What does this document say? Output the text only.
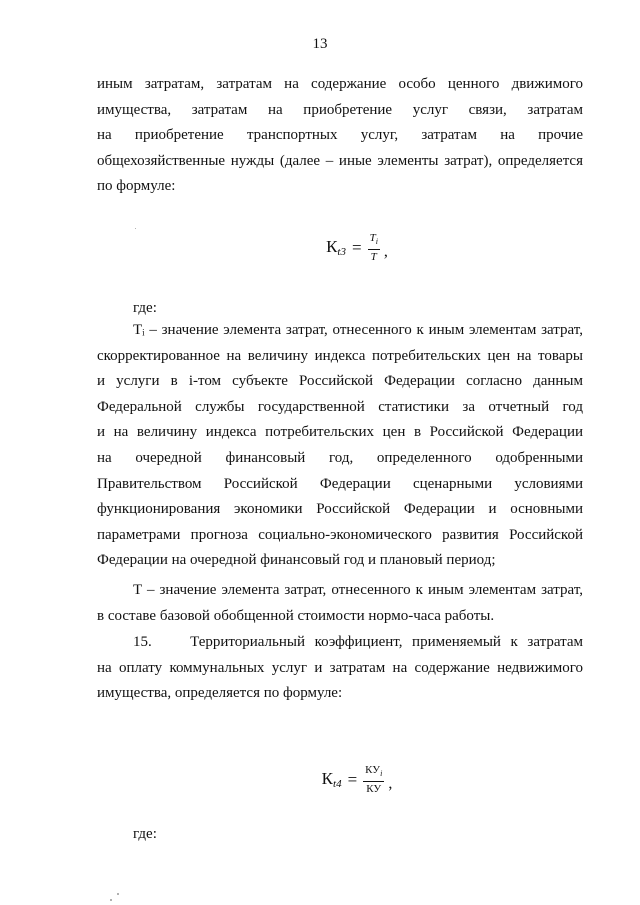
13
иным затратам, затратам на содержание особо ценного движимого
имущества, затратам на приобретение услуг связи, затратам
на приобретение транспортных услуг, затратам на прочие
общехозяйственные нужды (далее – иные элементы затрат), определяется
по формуле:
$К_{t3} = \frac{T_i}{T}$ ,
где:
Tᵢ – значение элемента затрат, отнесенного к иным элементам затрат,
скорректированное на величину индекса потребительских цен на товары
и услуги в i-том субъекте Российской Федерации согласно данным
Федеральной службы государственной статистики за отчетный год
и на величину индекса потребительских цен в Российской Федерации
на очередной финансовый год, определенного одобренными
Правительством Российской Федерации сценарными условиями
функционирования экономики Российской Федерации и основными
параметрами прогноза социально-экономического развития Российской
Федерации на очередной финансовый год и плановый период;
T – значение элемента затрат, отнесенного к иным элементам затрат,
в составе базовой обобщенной стоимости нормо-часа работы.
15.    Территориальный коэффициент, применяемый к затратам
на оплату коммунальных услуг и затратам на содержание недвижимого
имущества, определяется по формуле:
$К_{t4} = \frac{КУ_i}{КУ}$ ,
где:
